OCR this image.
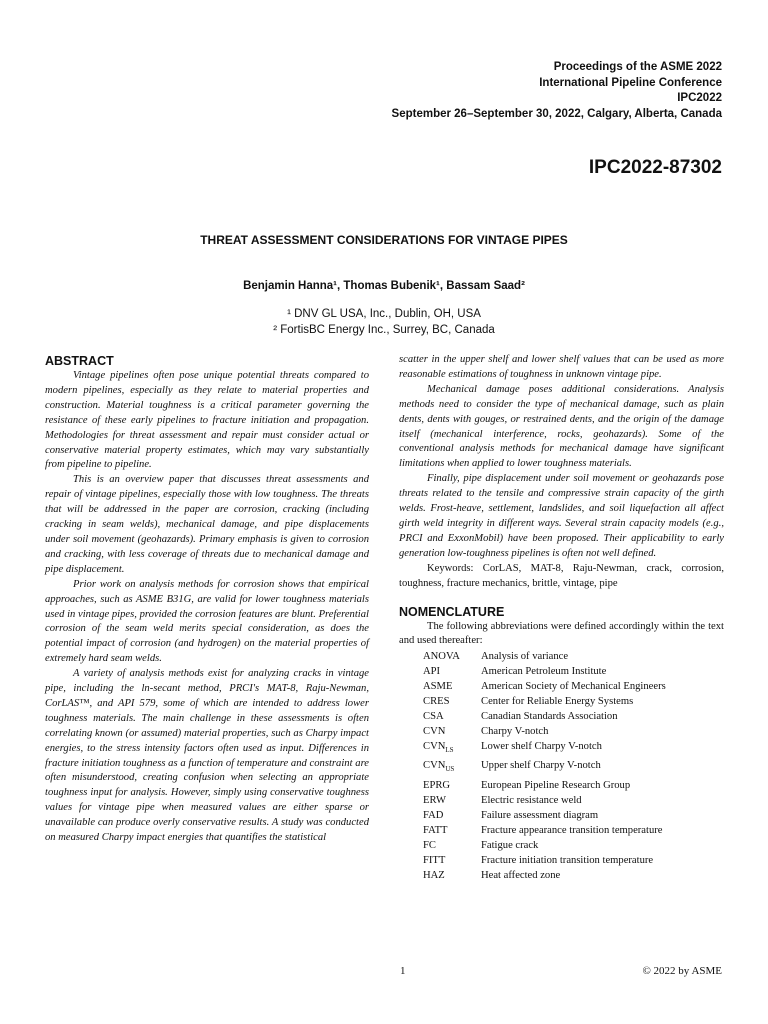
Proceedings of the ASME 2022
International Pipeline Conference
IPC2022
September 26–September 30, 2022, Calgary, Alberta, Canada
IPC2022-87302
THREAT ASSESSMENT CONSIDERATIONS FOR VINTAGE PIPES
Benjamin Hanna¹, Thomas Bubenik¹, Bassam Saad²
¹ DNV GL USA, Inc., Dublin, OH, USA
² FortisBC Energy Inc., Surrey, BC, Canada
ABSTRACT

Vintage pipelines often pose unique potential threats compared to modern pipelines, especially as they relate to material properties and construction. Material toughness is a critical parameter governing the resistance of these early pipelines to fracture initiation and propagation. Methodologies for threat assessment and repair must consider actual or conservative material property estimates, which may vary substantially from pipeline to pipeline.

This is an overview paper that discusses threat assessments and repair of vintage pipelines, especially those with low toughness. The threats that will be addressed in the paper are corrosion, cracking (including cracking in seam welds), mechanical damage, and pipe displacements under soil movement (geohazards). Primary emphasis is given to corrosion and cracking, with less coverage of threats due to mechanical damage and pipe displacement.

Prior work on analysis methods for corrosion shows that empirical approaches, such as ASME B31G, are valid for lower toughness materials used in vintage pipes, provided the corrosion features are blunt. Preferential corrosion of the seam weld merits special consideration, as does the potential impact of corrosion (and hydrogen) on the material properties of extremely hard seam welds.

A variety of analysis methods exist for analyzing cracks in vintage pipe, including the ln-secant method, PRCI's MAT-8, Raju-Newman, CorLAS™, and API 579, some of which are intended to address lower toughness materials. The main challenge in these assessments is often correlating known (or assumed) material properties, such as Charpy impact energies, to the stress intensity factors often used as input. Differences in fracture initiation toughness as a function of temperature and constraint are often misunderstood, creating confusion when selecting an appropriate toughness input for analysis. However, simply using conservative toughness values for vintage pipe when measured values are either sparse or unavailable can produce overly conservative results. A study was conducted on measured Charpy impact energies that quantifies the statistical

scatter in the upper shelf and lower shelf values that can be used as more reasonable estimations of toughness in unknown vintage pipe.

Mechanical damage poses additional considerations. Analysis methods need to consider the type of mechanical damage, such as plain dents, dents with gouges, or restrained dents, and the origin of the damage itself (mechanical interference, rocks, geohazards). Some of the conventional analysis methods for mechanical damage have significant limitations when applied to lower toughness materials.

Finally, pipe displacement under soil movement or geohazards pose threats related to the tensile and compressive strain capacity of the girth welds. Frost-heave, settlement, landslides, and soil liquefaction all affect girth weld integrity in different ways. Several strain capacity models (e.g., PRCI and ExxonMobil) have been proposed. Their applicability to early generation low-toughness pipelines is often not well defined.

Keywords: CorLAS, MAT-8, Raju-Newman, crack, corrosion, toughness, fracture mechanics, brittle, vintage, pipe

NOMENCLATURE

The following abbreviations were defined accordingly within the text and used thereafter:

ANOVA	Analysis of variance
API	American Petroleum Institute
ASME	American Society of Mechanical Engineers
CRES	Center for Reliable Energy Systems
CSA	Canadian Standards Association
CVN	Charpy V-notch
$CVN_{LS}$	Lower shelf Charpy V-notch
$CVN_{US}$	Upper shelf Charpy V-notch
EPRG	European Pipeline Research Group
ERW	Electric resistance weld
FAD	Failure assessment diagram
FATT	Fracture appearance transition temperature
FC	Fatigue crack
FITT	Fracture initiation transition temperature
HAZ	Heat affected zone
1	© 2022 by ASME
